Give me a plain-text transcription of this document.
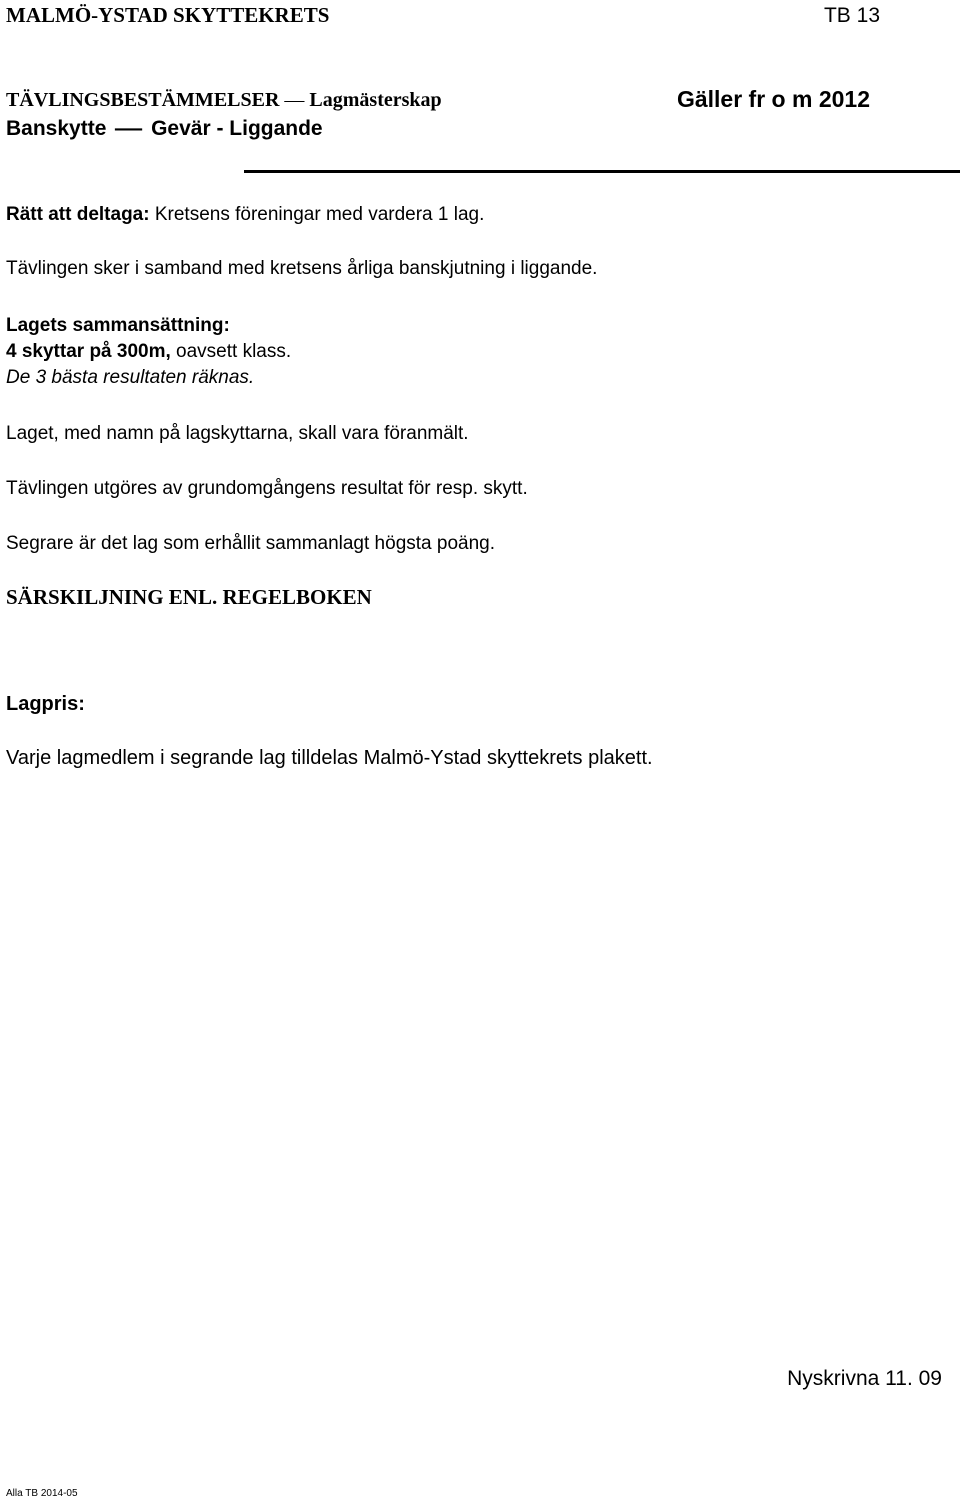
MALMÖ-YSTAD SKYTTEKRETS	TB 13
TÄVLINGSBESTÄMMELSER — Lagmästerskap	Gäller fr o m 2012
Banskytte — Gevär - Liggande
Rätt att deltaga: Kretsens föreningar med vardera 1 lag.
Tävlingen sker i samband med kretsens årliga banskjutning i liggande.
Lagets sammansättning:
4 skyttar på 300m, oavsett klass.
De 3 bästa resultaten räknas.
Laget, med namn på lagskyttarna, skall vara föranmält.
Tävlingen utgöres av grundomgångens resultat för resp. skytt.
Segrare är det lag som erhållit sammanlagt högsta poäng.
SÄRSKILJNING ENL. REGELBOKEN
Lagpris:
Varje lagmedlem i segrande lag tilldelas Malmö-Ystad skyttekrets plakett.
Nyskrivna 11. 09
Alla TB 2014-05
